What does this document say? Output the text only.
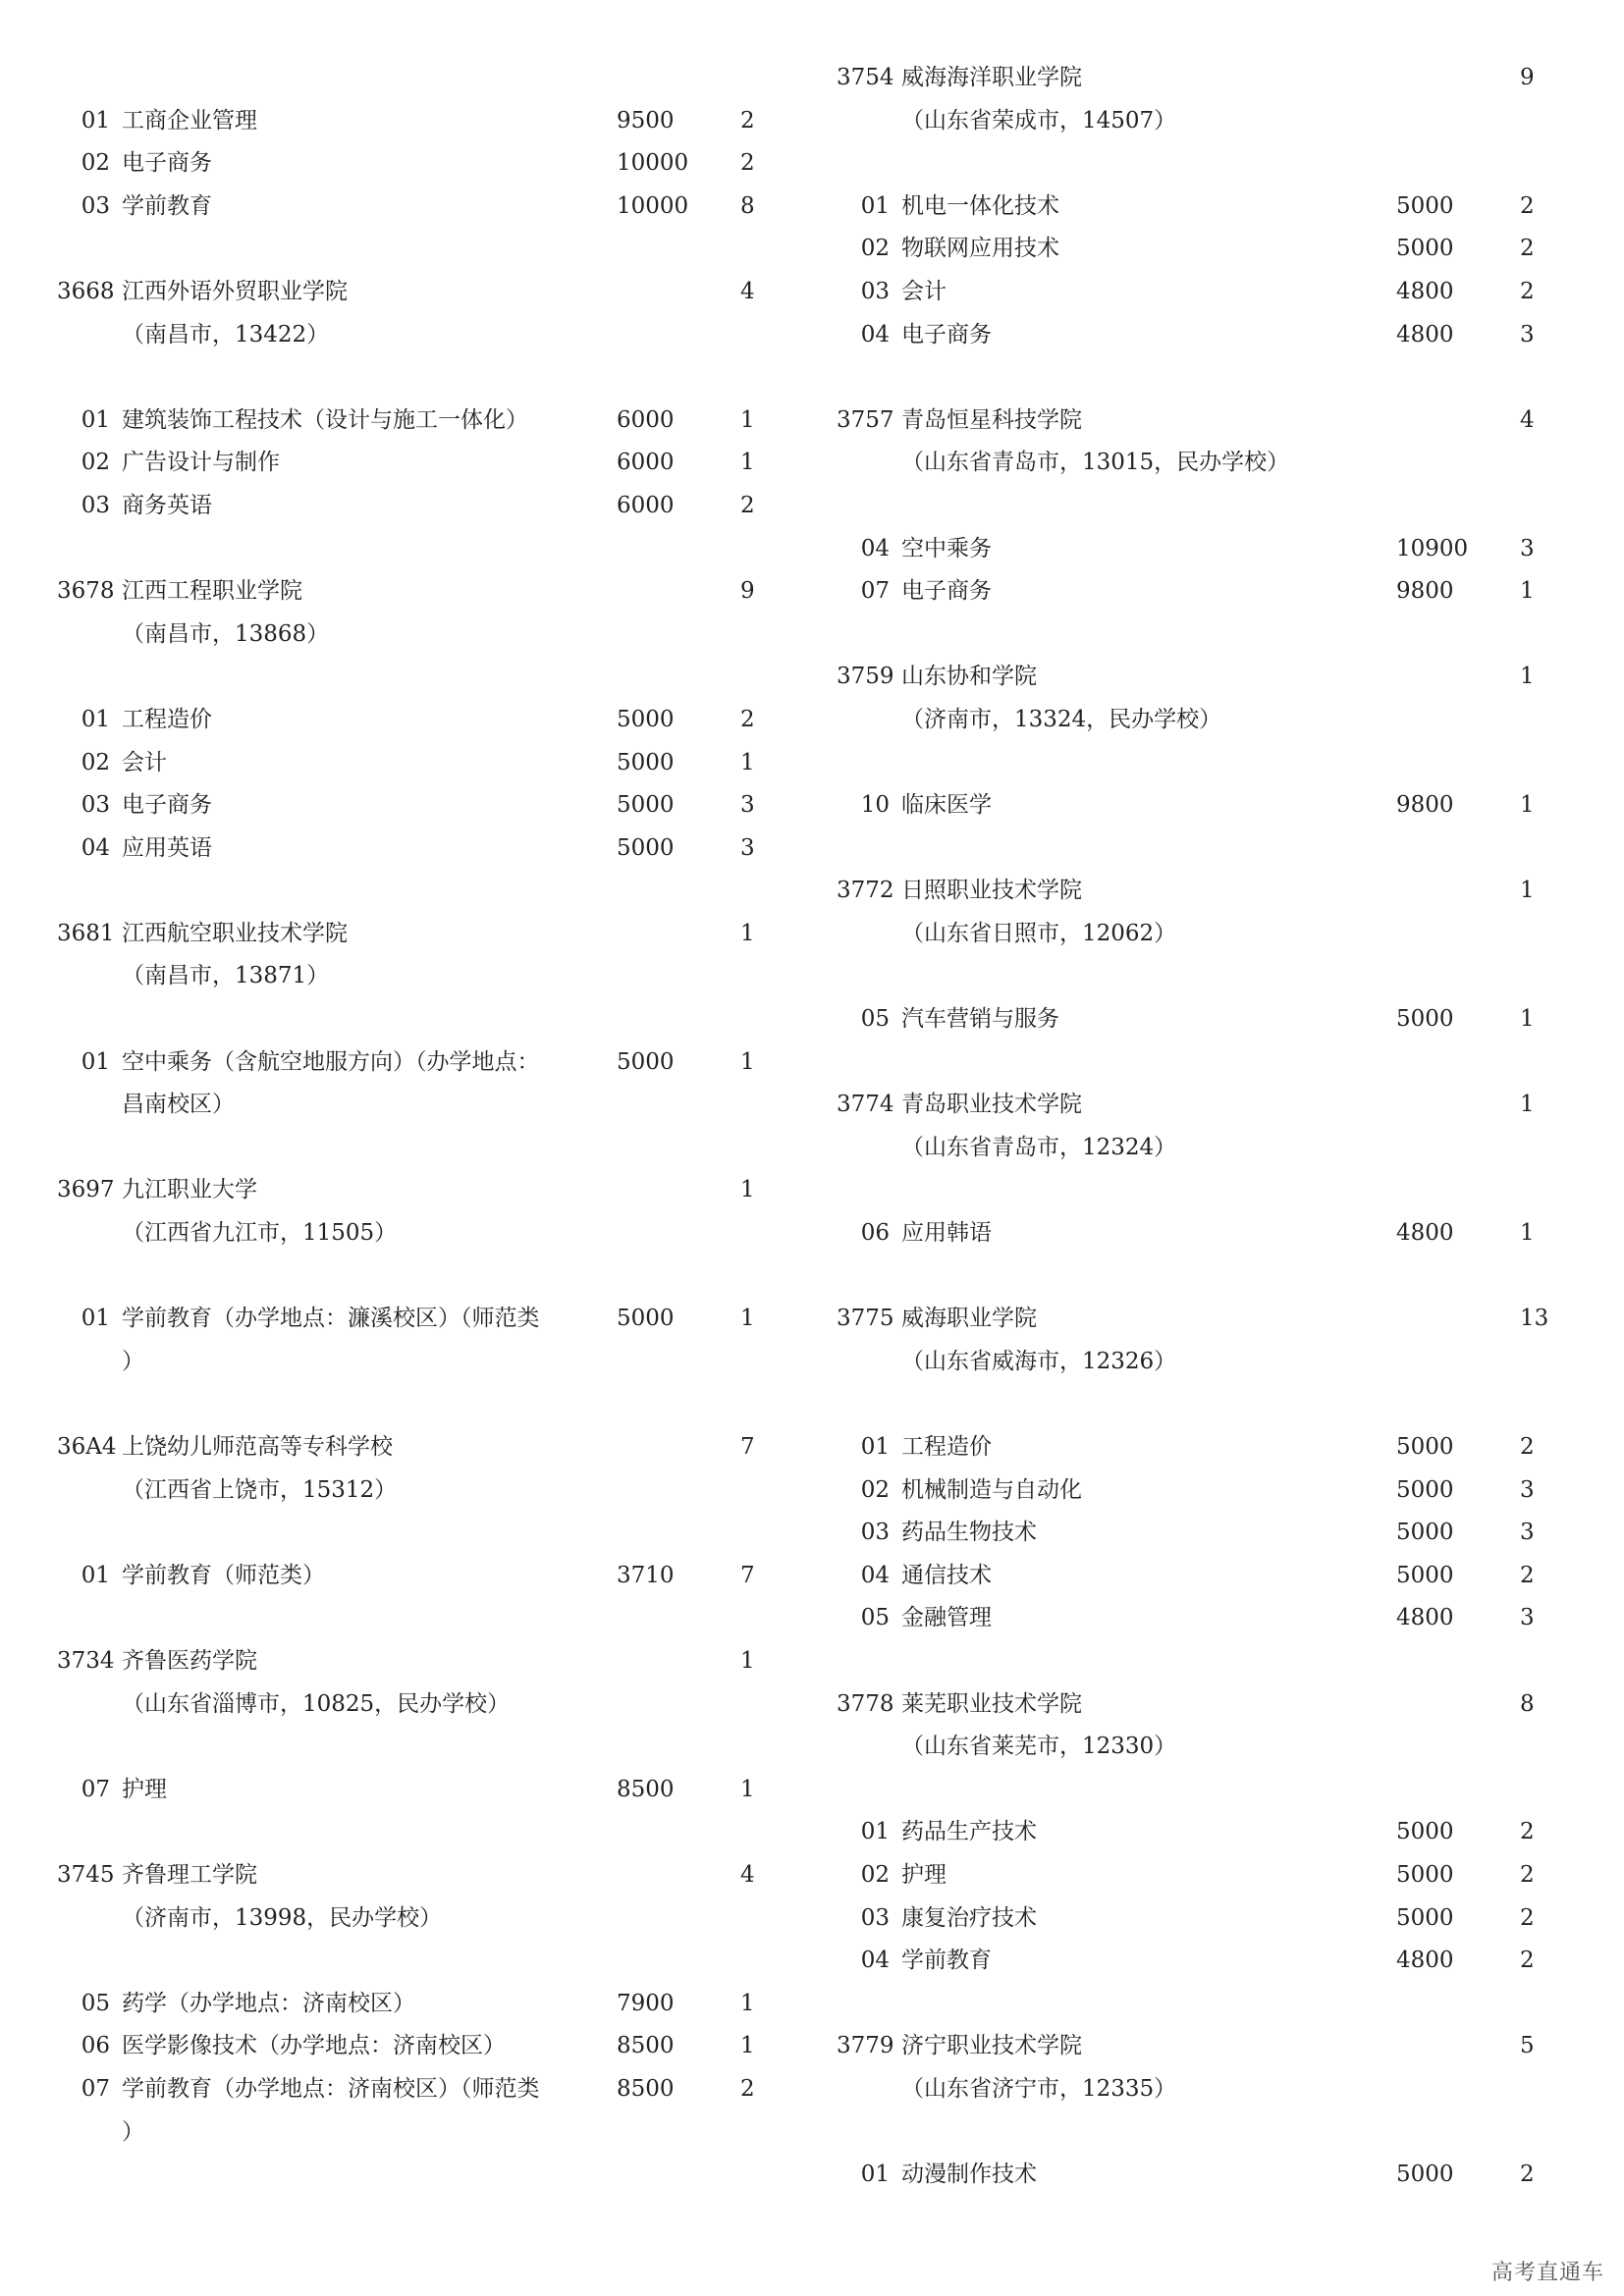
01 工商企业管理	9500	2
02 电子商务	10000 2
03 学前教育	10000 8
3668 江西外语外贸职业学院	4
（南昌市，13422）
01 建筑装饰工程技术（设计与施工一体化）	6000	1
02 广告设计与制作	6000	1
03 商务英语	6000	2
3678 江西工程职业学院	9
（南昌市，13868）
01 工程造价	5000	2
02 会计	5000	1
03 电子商务	5000	3
04 应用英语	5000	3
3681 江西航空职业技术学院	1
（南昌市，13871）
01 空中乘务（含航空地服方向）（办学地点：	5000	1
昌南校区）
3697 九江职业大学	1
（江西省九江市，11505）
01 学前教育（办学地点：濂溪校区）（师范类	5000	1
）
36A4 上饶幼儿师范高等专科学校	7
（江西省上饶市，15312）
01 学前教育（师范类）	3710	7
3734 齐鲁医药学院	1
（山东省淄博市，10825，民办学校）
07 护理	8500	1
3745 齐鲁理工学院	4
（济南市，13998，民办学校）
05 药学（办学地点：济南校区）	7900	1
06 医学影像技术（办学地点：济南校区）	8500	1
07 学前教育（办学地点：济南校区）（师范类	8500	2
）
3754 威海海洋职业学院	9
（山东省荣成市，14507）
01 机电一体化技术	5000	2
02 物联网应用技术	5000	2
03 会计	4800	2
04 电子商务	4800	3
3757 青岛恒星科技学院	4
（山东省青岛市，13015，民办学校）
04 空中乘务	10900 3
07 电子商务	9800	1
3759 山东协和学院	1
（济南市，13324，民办学校）
10 临床医学	9800	1
3772 日照职业技术学院	1
（山东省日照市，12062）
05 汽车营销与服务	5000	1
3774 青岛职业技术学院	1
（山东省青岛市，12324）
06 应用韩语	4800	1
3775 威海职业学院	13
（山东省威海市，12326）
01 工程造价	5000	2
02 机械制造与自动化	5000	3
03 药品生物技术	5000	3
04 通信技术	5000	2
05 金融管理	4800	3
3778 莱芜职业技术学院	8
（山东省莱芜市，12330）
01 药品生产技术	5000	2
02 护理	5000	2
03 康复治疗技术	5000	2
04 学前教育	4800	2
3779 济宁职业技术学院	5
（山东省济宁市，12335）
01 动漫制作技术	5000	2
高考直通车
